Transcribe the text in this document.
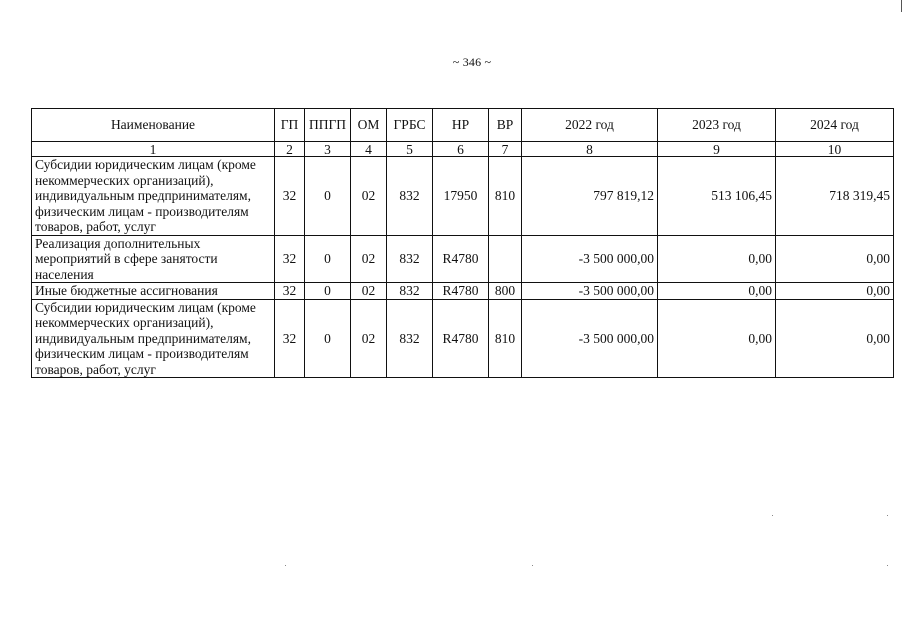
~ 346 ~
Наименование	ГП	ППГП	ОМ	ГРБС	НР	ВР	2022 год	2023 год	2024 год
1	2	3	4	5	6	7	8	9	10
Субсидии юридическим лицам (кроме некоммерческих организаций), индивидуальным предпринимателям, физическим лицам - производителям товаров, работ, услуг	32	0	02	832	17950	810	797 819,12	513 106,45	718 319,45
Реализация дополнительных мероприятий в сфере занятости населения	32	0	02	832	R4780		-3 500 000,00	0,00	0,00
Иные бюджетные ассигнования	32	0	02	832	R4780	800	-3 500 000,00	0,00	0,00
Субсидии юридическим лицам (кроме некоммерческих организаций), индивидуальным предпринимателям, физическим лицам - производителям товаров, работ, услуг	32	0	02	832	R4780	810	-3 500 000,00	0,00	0,00
